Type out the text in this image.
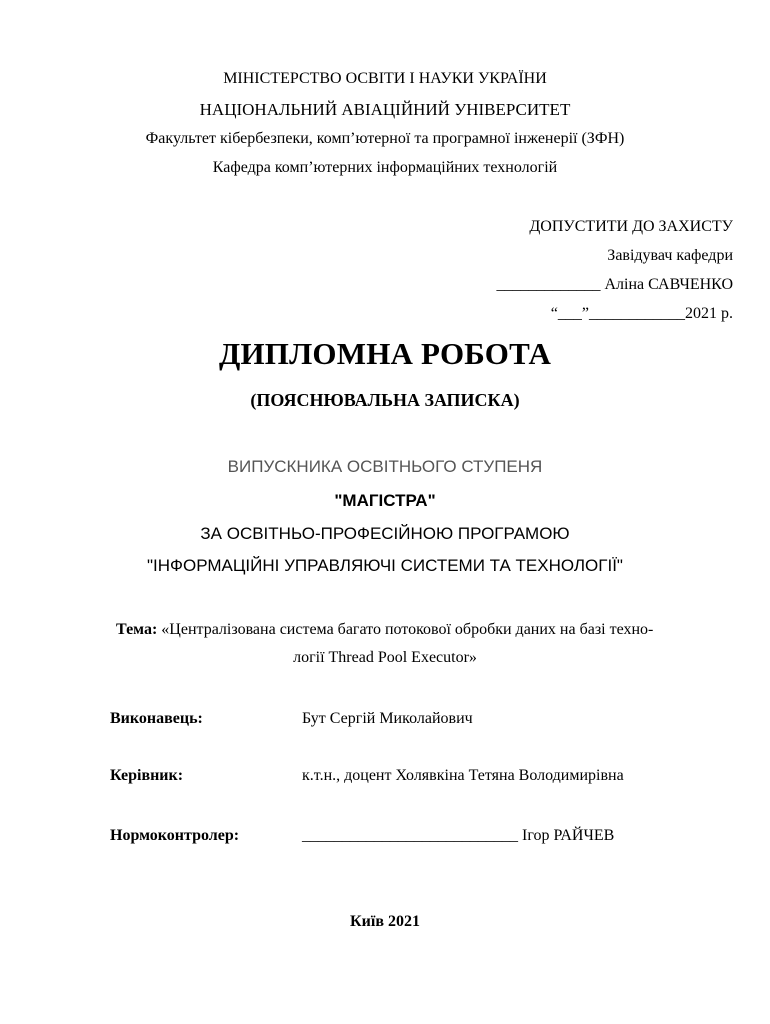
МІНІСТЕРСТВО ОСВІТИ І НАУКИ УКРАЇНИ
НАЦІОНАЛЬНИЙ АВІАЦІЙНИЙ УНІВЕРСИТЕТ
Факультет кібербезпеки, комп’ютерної та програмної інженерії (ЗФН)
Кафедра комп’ютерних інформаційних технологій
ДОПУСТИТИ ДО ЗАХИСТУ
Завідувач кафедри
_____________ Аліна САВЧЕНКО
“___”____________2021 р.
ДИПЛОМНА РОБОТА
(ПОЯСНЮВАЛЬНА ЗАПИСКА)
ВИПУСКНИКА ОСВІТНЬОГО СТУПЕНЯ
"МАГІСТРА"
ЗА ОСВІТНЬО-ПРОФЕСІЙНОЮ ПРОГРАМОЮ
"ІНФОРМАЦІЙНІ УПРАВЛЯЮЧІ СИСТЕМИ ТА ТЕХНОЛОГІЇ"
Тема: «Централізована система багато потокової обробки даних на базі техно-
логії Thread Pool Executor»
Виконавець:	Бут Сергій Миколайович
Керівник:	к.т.н., доцент Холявкіна Тетяна Володимирівна
Нормоконтролер:	___________________________ Ігор РАЙЧЕВ
Київ 2021
